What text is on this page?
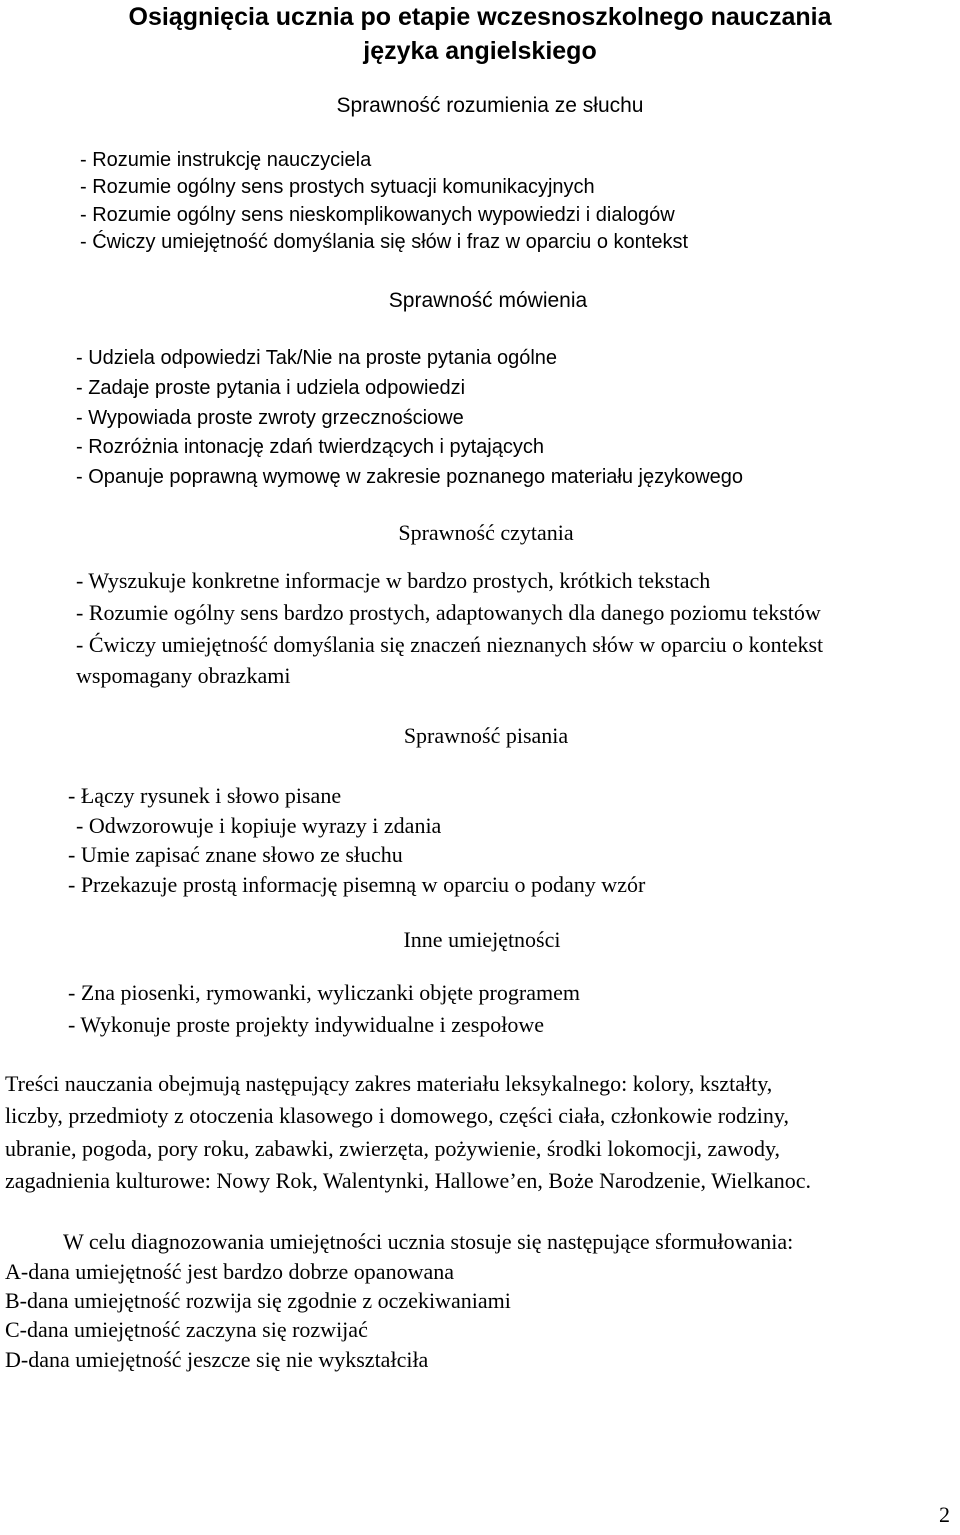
Osiągnięcia ucznia po etapie wczesnoszkolnego nauczania
języka angielskiego
Sprawność rozumienia ze słuchu
- Rozumie instrukcję nauczyciela
- Rozumie ogólny sens prostych sytuacji komunikacyjnych
- Rozumie ogólny sens nieskomplikowanych wypowiedzi i dialogów
- Ćwiczy umiejętność domyślania się słów i fraz w oparciu o kontekst
Sprawność mówienia
- Udziela odpowiedzi Tak/Nie na proste pytania ogólne
- Zadaje proste pytania i udziela odpowiedzi
- Wypowiada proste zwroty grzecznościowe
- Rozróżnia intonację zdań twierdzących i pytających
- Opanuje poprawną wymowę w zakresie poznanego materiału językowego
Sprawność czytania
- Wyszukuje konkretne informacje w bardzo prostych, krótkich tekstach
- Rozumie ogólny sens bardzo prostych, adaptowanych dla danego poziomu tekstów
- Ćwiczy umiejętność domyślania się znaczeń nieznanych słów w oparciu o kontekst
wspomagany obrazkami
Sprawność pisania
- Łączy rysunek i słowo pisane
- Odwzorowuje i kopiuje wyrazy i zdania
- Umie zapisać znane słowo ze słuchu
- Przekazuje prostą informację pisemną w oparciu o podany wzór
Inne umiejętności
- Zna piosenki, rymowanki, wyliczanki objęte programem
- Wykonuje proste projekty indywidualne i zespołowe

Treści nauczania obejmują następujący zakres materiału leksykalnego: kolory, kształty,
liczby, przedmioty z otoczenia klasowego i domowego, części ciała, członkowie rodziny,
ubranie, pogoda, pory roku, zabawki, zwierzęta, pożywienie, środki lokomocji, zawody,
zagadnienia kulturowe: Nowy Rok, Walentynki, Hallowe’en, Boże Narodzenie, Wielkanoc.

W celu diagnozowania umiejętności ucznia stosuje się następujące sformułowania:

A-dana umiejętność jest bardzo dobrze opanowana
B-dana umiejętność rozwija się zgodnie z oczekiwaniami
C-dana umiejętność zaczyna się rozwijać
D-dana umiejętność jeszcze się nie wykształciła
2
